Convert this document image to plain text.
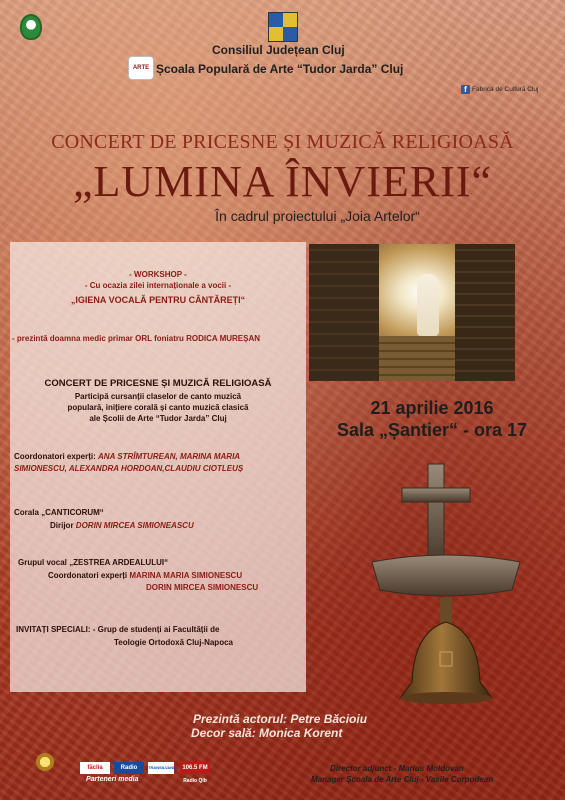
ARTE
Consiliul Județean Cluj
Școala Populară de Arte “Tudor Jarda” Cluj
f Fabrica de Cultură Cluj
CONCERT DE PRICESNE ȘI MUZICĂ RELIGIOASĂ
„LUMINA ÎNVIERII“
În cadrul proiectului „Joia Artelor“
- WORKSHOP -
- Cu ocazia zilei internaționale a vocii -
„IGIENA VOCALĂ PENTRU CÂNTĂREȚI“
- prezintă doamna medic primar ORL foniatru RODICA MUREȘAN
CONCERT DE PRICESNE ȘI MUZICĂ RELIGIOASĂ
Participă cursanții claselor de canto muzică
populară, inițiere corală și canto muzică clasică
ale Școlii de Arte “Tudor Jarda” Cluj
Coordonatori experți: ANA STRÎMTUREAN, MARINA MARIA
SIMIONESCU, ALEXANDRA HORDOAN,CLAUDIU CIOTLEUȘ
Corala „CANTICORUM“
Dirijor DORIN MIRCEA SIMIONEASCU
Grupul vocal „ZESTREA ARDEALULUI“
Coordonatori experți MARINA MARIA SIMIONESCU
DORIN MIRCEA SIMIONESCU
INVITAȚI SPECIALI: - Grup de studenți ai Facultății de
Teologie Ortodoxă Cluj-Napoca
21 aprilie 2016
Sala „Șantier“ - ora 17
Prezintă actorul: Petre Băcioiu
Decor sală: Monica Korent
Director adjunct - Marius Moldovan
Manager Școala de Arte Cluj - Vasile Corpodean
făclia	Radio	TRANSILVANIA 106.5 FM
Radio Qib
Parteneri media
